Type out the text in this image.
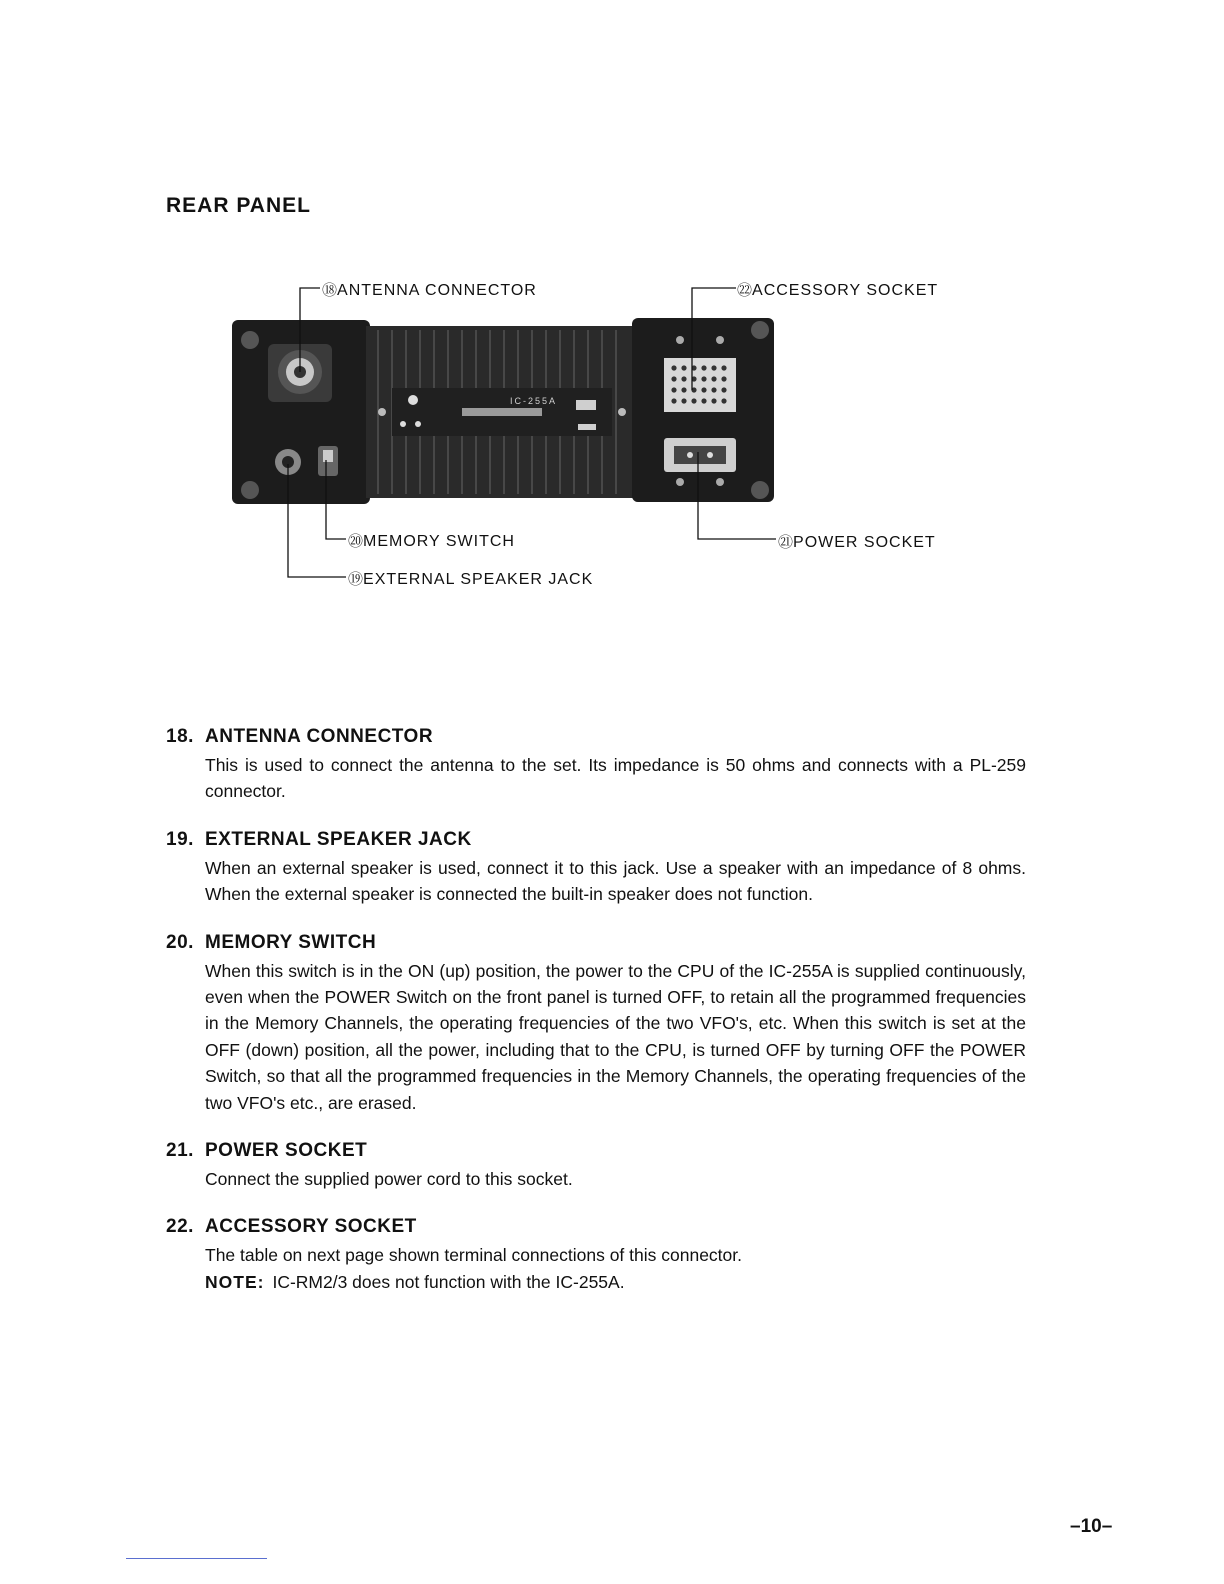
REAR PANEL
IC-255A
⑱ANTENNA CONNECTOR	㉒ACCESSORY SOCKET
⑳MEMORY SWITCH	㉑POWER SOCKET
⑲EXTERNAL SPEAKER JACK
18. ANTENNA CONNECTOR
This is used to connect the antenna to the set. Its impedance is 50 ohms and connects with a PL-259 connector.
19. EXTERNAL SPEAKER JACK
When an external speaker is used, connect it to this jack. Use a speaker with an impedance of 8 ohms. When the external speaker is connected the built-in speaker does not function.
20. MEMORY SWITCH
When this switch is in the ON (up) position, the power to the CPU of the IC-255A is supplied continuously, even when the POWER Switch on the front panel is turned OFF, to retain all the programmed frequencies in the Memory Channels, the operating frequencies of the two VFO's, etc. When this switch is set at the OFF (down) position, all the power, including that to the CPU, is turned OFF by turning OFF the POWER Switch, so that all the programmed frequencies in the Memory Channels, the operating frequencies of the two VFO's etc., are erased.
21. POWER SOCKET
Connect the supplied power cord to this socket.
22. ACCESSORY SOCKET
The table on next page shown terminal connections of this connector.
NOTE: IC-RM2/3 does not function with the IC-255A.
–10–
